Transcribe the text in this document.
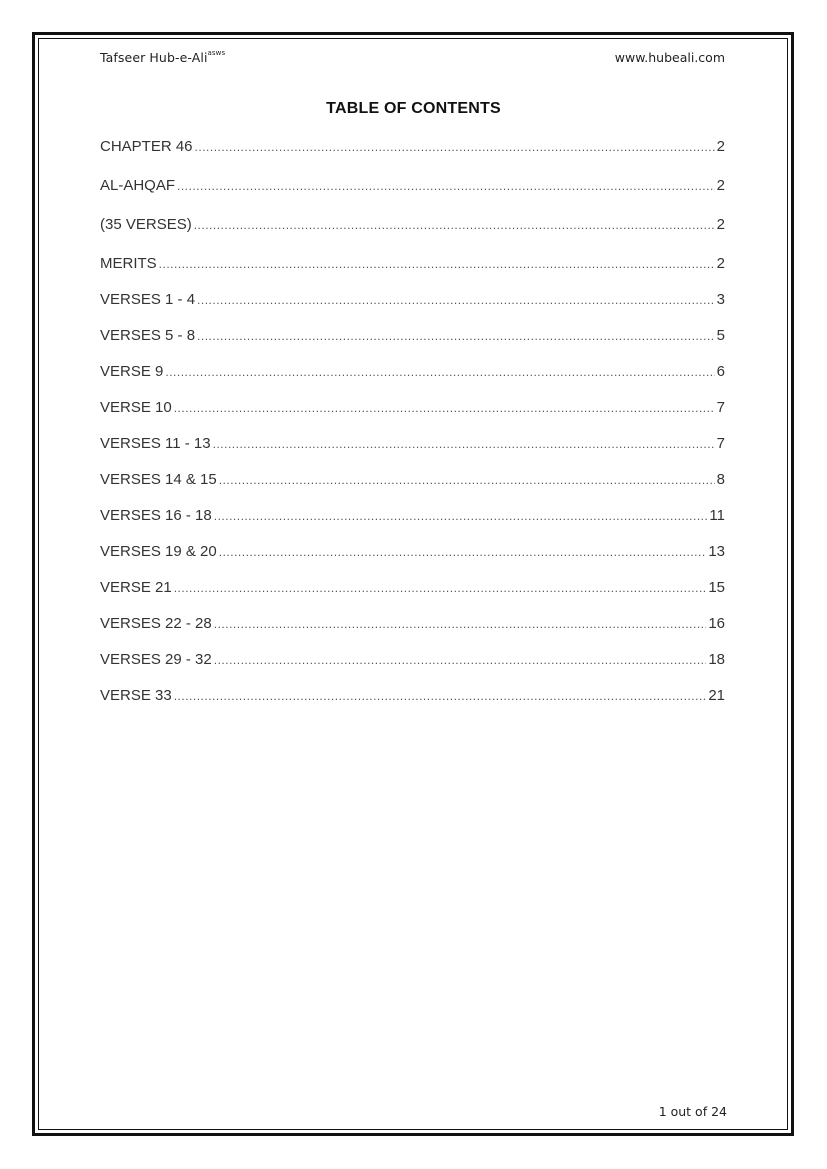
Tafseer Hub-e-Ali$^{asws}$	www.hubeali.com
TABLE OF CONTENTS
CHAPTER 46 .....	2
AL-AHQAF .....	2
(35 VERSES) .....	2
MERITS .....	2
VERSES 1 - 4 .....	3
VERSES 5 - 8 .....	5
VERSE 9 .....	6
VERSE 10 .....	7
VERSES 11 - 13 .....	7
VERSES 14 & 15 .....	8
VERSES 16 - 18 .....	11
VERSES 19 & 20 .....	13
VERSE 21 .....	15
VERSES 22 - 28 .....	16
VERSES 29 - 32 .....	18
VERSE 33 .....	21
1 out of 24
